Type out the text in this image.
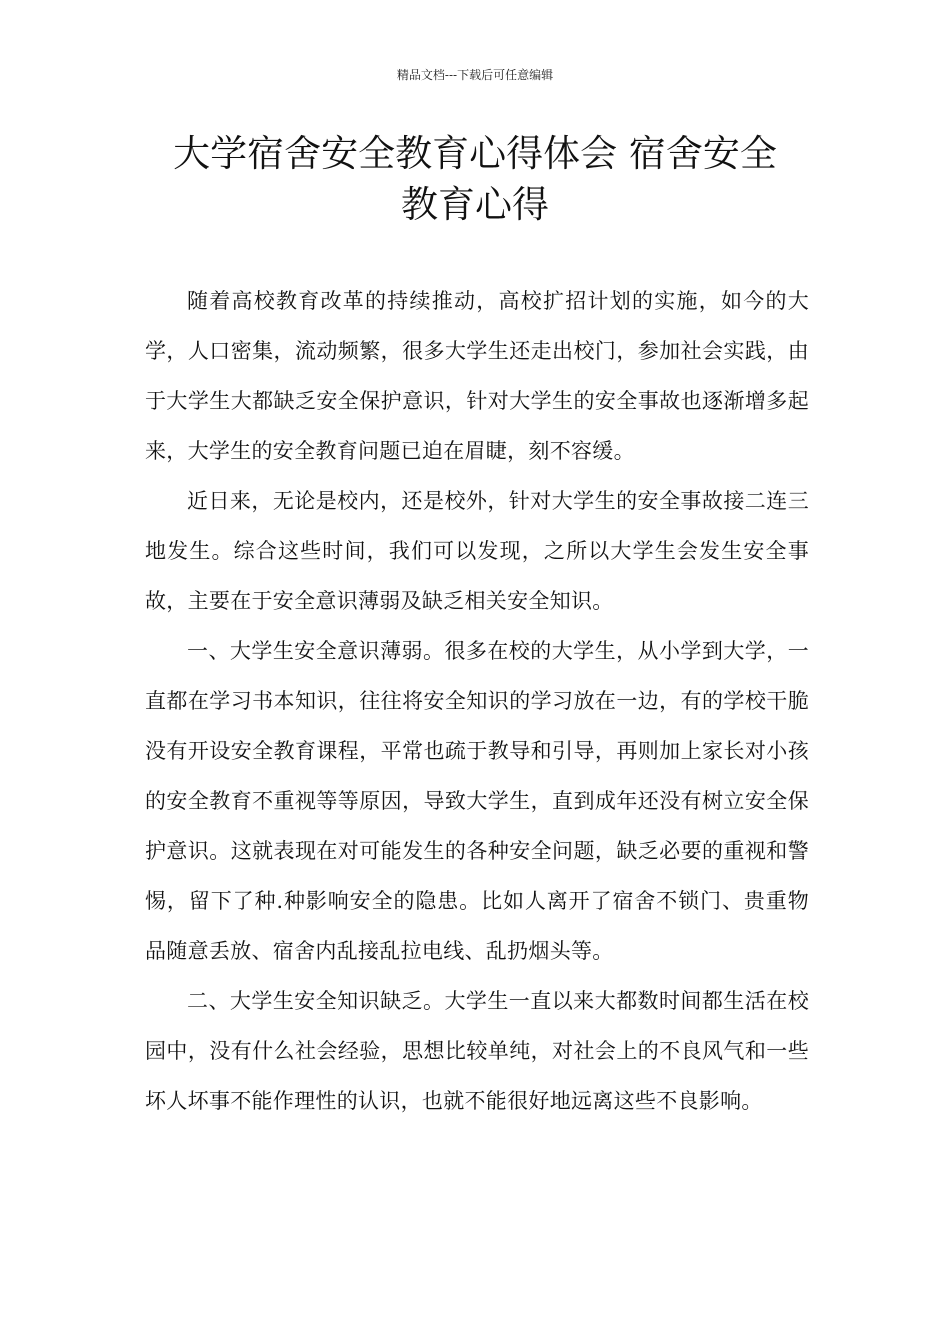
精品文档---下载后可任意编辑
大学宿舍安全教育心得体会 宿舍安全
教育心得

随着高校教育改革的持续推动，高校扩招计划的实施，如今的大学，人口密集，流动频繁，很多大学生还走出校门，参加社会实践，由于大学生大都缺乏安全保护意识，针对大学生的安全事故也逐渐增多起来，大学生的安全教育问题已迫在眉睫，刻不容缓。

近日来，无论是校内，还是校外，针对大学生的安全事故接二连三地发生。综合这些时间，我们可以发现，之所以大学生会发生安全事故，主要在于安全意识薄弱及缺乏相关安全知识。

一、大学生安全意识薄弱。很多在校的大学生，从小学到大学，一直都在学习书本知识，往往将安全知识的学习放在一边，有的学校干脆没有开设安全教育课程，平常也疏于教导和引导，再则加上家长对小孩的安全教育不重视等等原因，导致大学生，直到成年还没有树立安全保护意识。这就表现在对可能发生的各种安全问题，缺乏必要的重视和警惕，留下了种.种影响安全的隐患。比如人离开了宿舍不锁门、贵重物品随意丢放、宿舍内乱接乱拉电线、乱扔烟头等。

二、大学生安全知识缺乏。大学生一直以来大都数时间都生活在校园中，没有什么社会经验，思想比较单纯，对社会上的不良风气和一些坏人坏事不能作理性的认识，也就不能很好地远离这些不良影响。
